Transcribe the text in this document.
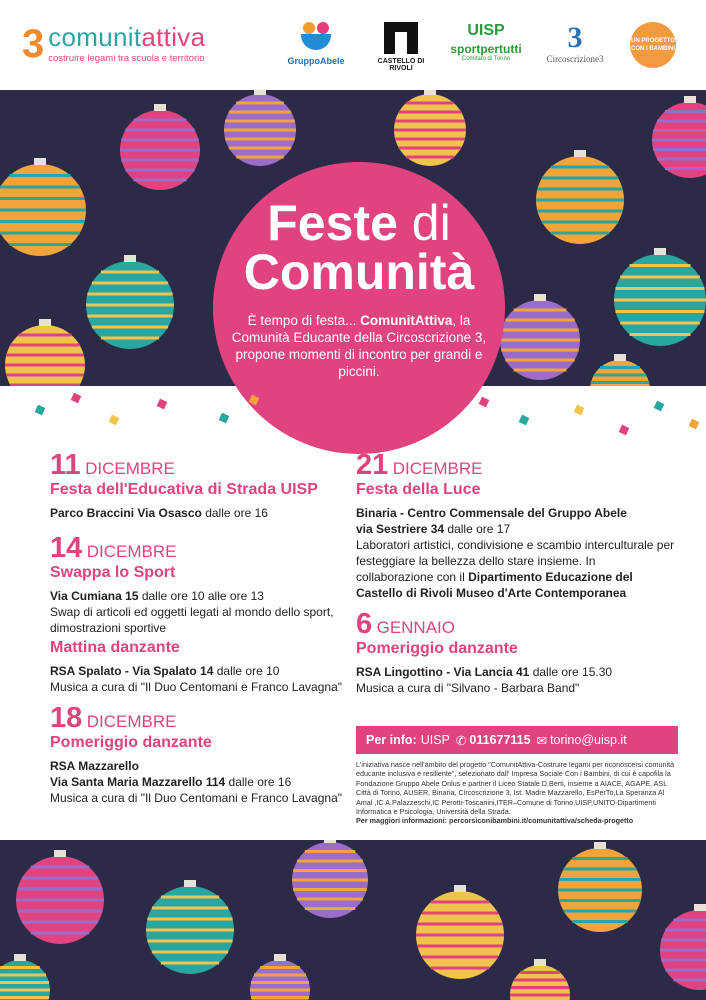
3 comunitattiva
costruire legami tra scuola e territorio	GruppoAbele	CASTELLO DI RIVOLI
UISP
sportpertutti
Comitato di Torino
3
Circoscrizione3
UN PROGETTO CON I BAMBINI
Feste di
Comunità
È tempo di festa... ComunitAttiva, la Comunità Educante della Circoscrizione 3, propone momenti di incontro per grandi e piccini.
11 DICEMBRE
Festa dell'Educativa di Strada UISP
Parco Braccini Via Osasco dalle ore 16
14 DICEMBRE
Swappa lo Sport
Via Cumiana 15 dalle ore 10 alle ore 13
Swap di articoli ed oggetti legati al mondo dello sport, dimostrazioni sportive
Mattina danzante
RSA Spalato - Via Spalato 14 dalle ore 10
Musica a cura di "Il Duo Centomani e Franco Lavagna"
18 DICEMBRE
Pomeriggio danzante
RSA Mazzarello
Via Santa Maria Mazzarello 114 dalle ore 16
Musica a cura di "Il Duo Centomani e Franco Lavagna"
21 DICEMBRE
Festa della Luce
Binaria - Centro Commensale del Gruppo Abele
via Sestriere 34 dalle ore 17
Laboratori artistici, condivisione e scambio interculturale per festeggiare la bellezza dello stare insieme. In collaborazione con il Dipartimento Educazione del Castello di Rivoli Museo d'Arte Contemporanea
6 GENNAIO
Pomeriggio danzante
RSA Lingottino - Via Lancia 41 dalle ore 15.30
Musica a cura di "Silvano - Barbara Band"
Per info: UISP ✆ 011677115 ✉ torino@uisp.it
L'iniziativa nasce nell'ambito del progetto "ComunitAttiva-Costruire legami per riconoscersi comunità educante inclusiva e resiliente", selezionato dall' Impresa Sociale Con i Bambini, di cui è capofila la Fondazione Gruppo Abele Onlus e partner il Liceo Statale D.Berti, insieme a AIACE, AGAPE, ASL Città di Torino, AUSER, Binaria, Circoscrizione 3, Ist. Madre Mazzarello, EsPerTo,La Speranza Al Amal ,IC A.Palazzeschi,IC Perotti-Toscanini,ITER–Comune di Torino,UISP,UNITO-Dipartimenti Informatica e Psicologia, Università della Strada.
Per maggiori informazioni: percorsiconibambini.it/comunitattiva/scheda-progetto
